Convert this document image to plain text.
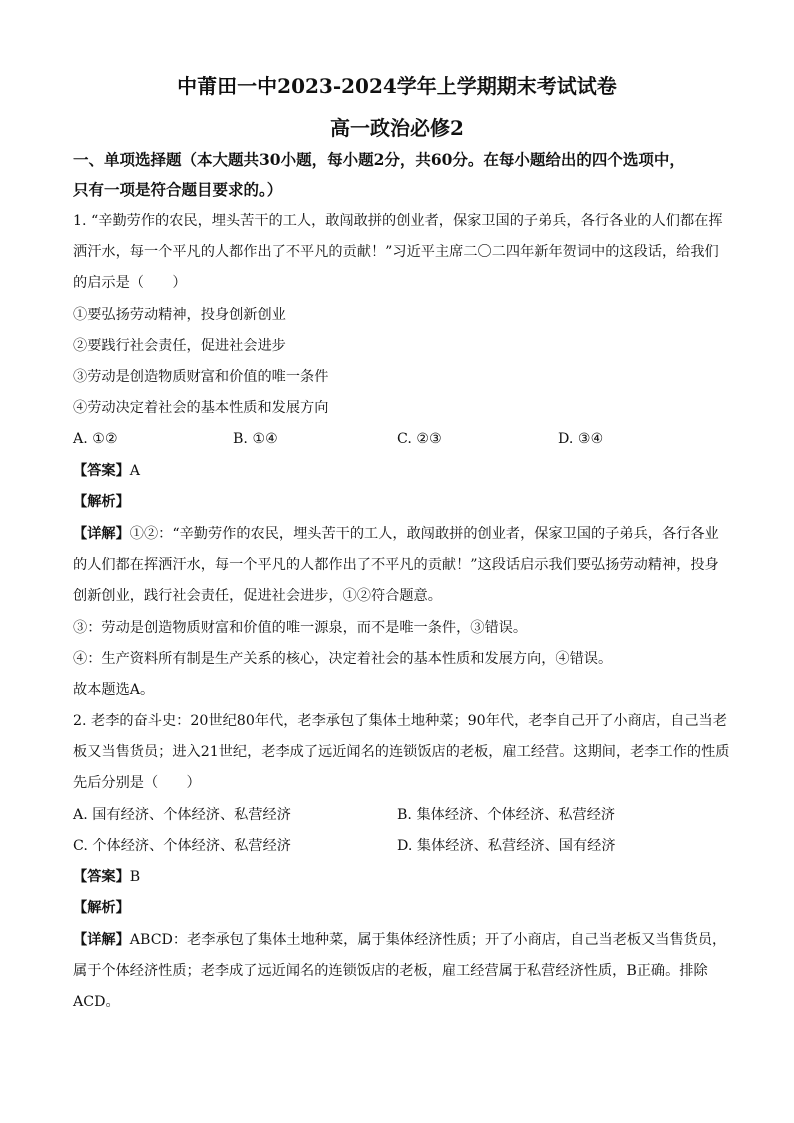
中莆田一中2023-2024学年上学期期末考试试卷
高一政治必修2
一、单项选择题（本大题共30小题，每小题2分，共60分。在每小题给出的四个选项中，
只有一项是符合题目要求的。）
1. “辛勤劳作的农民，埋头苦干的工人，敢闯敢拼的创业者，保家卫国的子弟兵，各行各业的人们都在挥
洒汗水，每一个平凡的人都作出了不平凡的贡献！”习近平主席二〇二四年新年贺词中的这段话，给我们
的启示是（　　）
①要弘扬劳动精神，投身创新创业
②要践行社会责任，促进社会进步
③劳动是创造物质财富和价值的唯一条件
④劳动决定着社会的基本性质和发展方向
A. ①②	B. ①④	C. ②③	D. ③④
【答案】A
【解析】
【详解】①②：“辛勤劳作的农民，埋头苦干的工人，敢闯敢拼的创业者，保家卫国的子弟兵，各行各业
的人们都在挥洒汗水，每一个平凡的人都作出了不平凡的贡献！”这段话启示我们要弘扬劳动精神，投身
创新创业，践行社会责任，促进社会进步，①②符合题意。
③：劳动是创造物质财富和价值的唯一源泉，而不是唯一条件，③错误。
④：生产资料所有制是生产关系的核心，决定着社会的基本性质和发展方向，④错误。
故本题选A。
2. 老李的奋斗史：20世纪80年代，老李承包了集体土地种菜；90年代，老李自己开了小商店，自己当老
板又当售货员；进入21世纪，老李成了远近闻名的连锁饭店的老板，雇工经营。这期间，老李工作的性质
先后分别是（　　）
A. 国有经济、个体经济、私营经济	B. 集体经济、个体经济、私营经济
C. 个体经济、个体经济、私营经济	D. 集体经济、私营经济、国有经济
【答案】B
【解析】
【详解】ABCD：老李承包了集体土地种菜，属于集体经济性质；开了小商店，自己当老板又当售货员，
属于个体经济性质；老李成了远近闻名的连锁饭店的老板，雇工经营属于私营经济性质，B正确。排除
ACD。
